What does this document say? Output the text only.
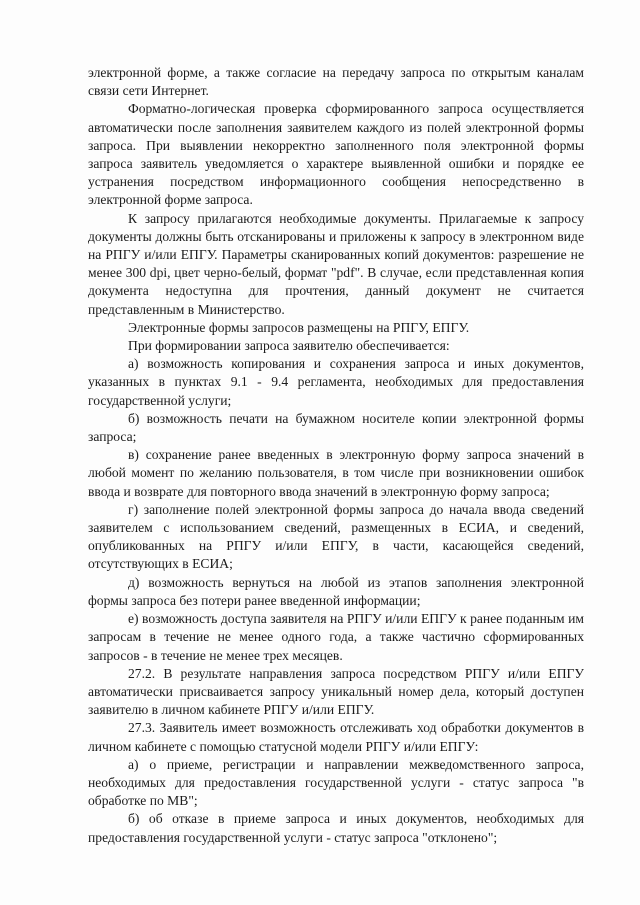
электронной форме, а также согласие на передачу запроса по открытым каналам связи сети Интернет.

Форматно-логическая проверка сформированного запроса осуществляется автоматически после заполнения заявителем каждого из полей электронной формы запроса. При выявлении некорректно заполненного поля электронной формы запроса заявитель уведомляется о характере выявленной ошибки и порядке ее устранения посредством информационного сообщения непосредственно в электронной форме запроса.

К запросу прилагаются необходимые документы. Прилагаемые к запросу документы должны быть отсканированы и приложены к запросу в электронном виде на РПГУ и/или ЕПГУ. Параметры сканированных копий документов: разрешение не менее 300 dpi, цвет черно-белый, формат "pdf". В случае, если представленная копия документа недоступна для прочтения, данный документ не считается представленным в Министерство.

Электронные формы запросов размещены на РПГУ, ЕПГУ.

При формировании запроса заявителю обеспечивается:

а) возможность копирования и сохранения запроса и иных документов, указанных в пунктах 9.1 - 9.4 регламента, необходимых для предоставления государственной услуги;

б) возможность печати на бумажном носителе копии электронной формы запроса;

в) сохранение ранее введенных в электронную форму запроса значений в любой момент по желанию пользователя, в том числе при возникновении ошибок ввода и возврате для повторного ввода значений в электронную форму запроса;

г) заполнение полей электронной формы запроса до начала ввода сведений заявителем с использованием сведений, размещенных в ЕСИА, и сведений, опубликованных на РПГУ и/или ЕПГУ, в части, касающейся сведений, отсутствующих в ЕСИА;

д) возможность вернуться на любой из этапов заполнения электронной формы запроса без потери ранее введенной информации;

е) возможность доступа заявителя на РПГУ и/или ЕПГУ к ранее поданным им запросам в течение не менее одного года, а также частично сформированных запросов - в течение не менее трех месяцев.

27.2. В результате направления запроса посредством РПГУ и/или ЕПГУ автоматически присваивается запросу уникальный номер дела, который доступен заявителю в личном кабинете РПГУ и/или ЕПГУ.

27.3. Заявитель имеет возможность отслеживать ход обработки документов в личном кабинете с помощью статусной модели РПГУ и/или ЕПГУ:

а) о приеме, регистрации и направлении межведомственного запроса, необходимых для предоставления государственной услуги - статус запроса "в обработке по МВ";

б) об отказе в приеме запроса и иных документов, необходимых для предоставления государственной услуги - статус запроса "отклонено";
